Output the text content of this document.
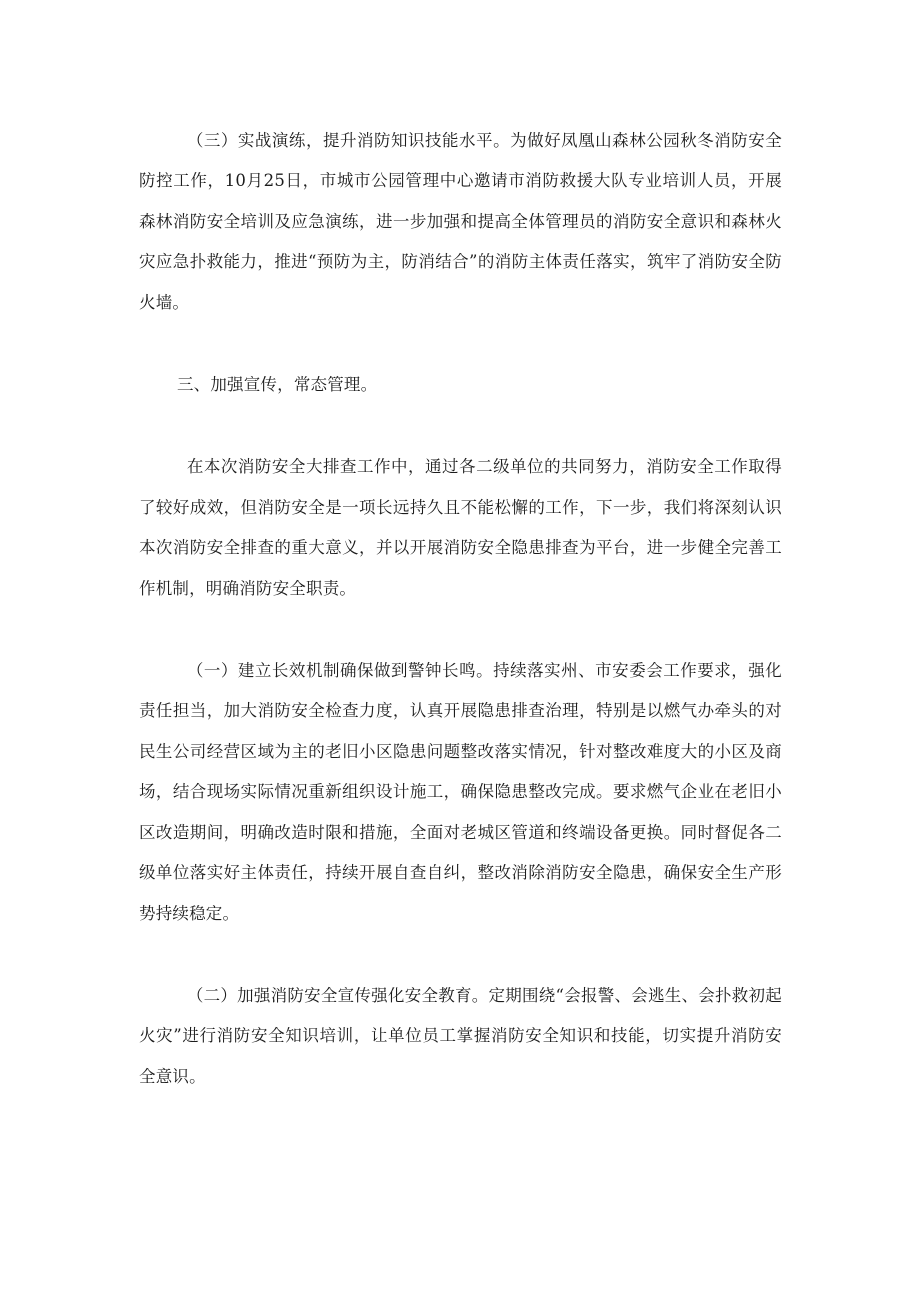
（三）实战演练，提升消防知识技能水平。为做好凤凰山森林公园秋冬消防安全防控工作，10月25日，市城市公园管理中心邀请市消防救援大队专业培训人员，开展森林消防安全培训及应急演练，进一步加强和提高全体管理员的消防安全意识和森林火灾应急扑救能力，推进“预防为主，防消结合”的消防主体责任落实，筑牢了消防安全防火墙。

三、加强宣传，常态管理。

在本次消防安全大排查工作中，通过各二级单位的共同努力，消防安全工作取得了较好成效，但消防安全是一项长远持久且不能松懈的工作，下一步，我们将深刻认识本次消防安全排查的重大意义，并以开展消防安全隐患排查为平台，进一步健全完善工作机制，明确消防安全职责。

（一）建立长效机制确保做到警钟长鸣。持续落实州、市安委会工作要求，强化责任担当，加大消防安全检查力度，认真开展隐患排查治理，特别是以燃气办牵头的对民生公司经营区域为主的老旧小区隐患问题整改落实情况，针对整改难度大的小区及商场，结合现场实际情况重新组织设计施工，确保隐患整改完成。要求燃气企业在老旧小区改造期间，明确改造时限和措施，全面对老城区管道和终端设备更换。同时督促各二级单位落实好主体责任，持续开展自查自纠，整改消除消防安全隐患，确保安全生产形势持续稳定。

（二）加强消防安全宣传强化安全教育。定期围绕“会报警、会逃生、会扑救初起火灾”进行消防安全知识培训，让单位员工掌握消防安全知识和技能，切实提升消防安全意识。
